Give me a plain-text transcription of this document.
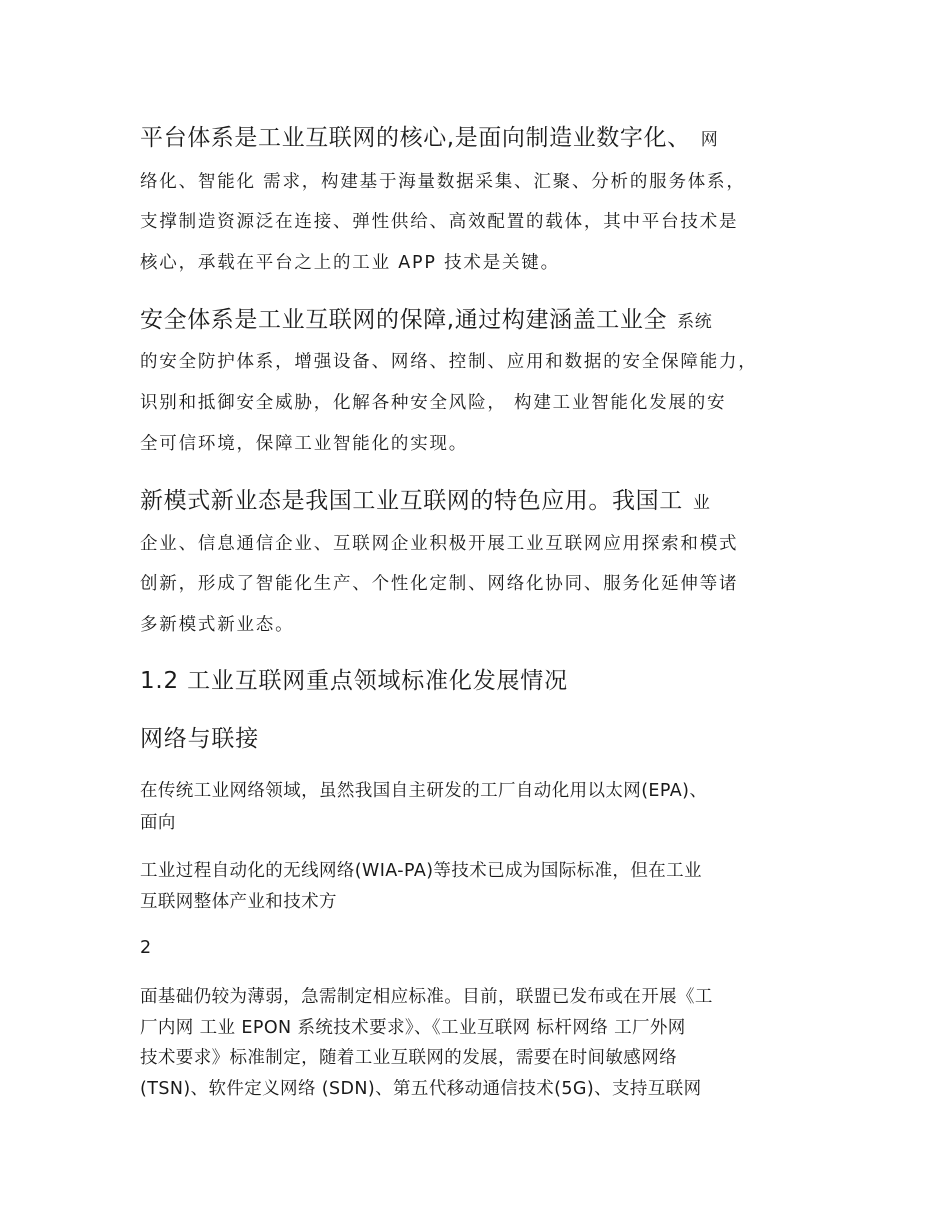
平台体系是工业互联网的核心,是面向制造业数字化、 网
络化、智能化 需求，构建基于海量数据采集、汇聚、分析的服务体系，
支撑制造资源泛在连接、弹性供给、高效配置的载体，其中平台技术是
核心，承载在平台之上的工业 APP 技术是关键。
安全体系是工业互联网的保障,通过构建涵盖工业全 系统
的安全防护体系，增强设备、网络、控制、应用和数据的安全保障能力，
识别和抵御安全威胁，化解各种安全风险， 构建工业智能化发展的安
全可信环境，保障工业智能化的实现。
新模式新业态是我国工业互联网的特色应用。我国工 业
企业、信息通信企业、互联网企业积极开展工业互联网应用探索和模式
创新，形成了智能化生产、个性化定制、网络化协同、服务化延伸等诸
多新模式新业态。
1.2 工业互联网重点领域标准化发展情况
网络与联接
在传统工业网络领域，虽然我国自主研发的工厂自动化用以太网(EPA)、
面向
工业过程自动化的无线网络(WIA-PA)等技术已成为国际标准，但在工业
互联网整体产业和技术方
2
面基础仍较为薄弱，急需制定相应标准。目前，联盟已发布或在开展《工
厂内网 工业 EPON 系统技术要求》、《工业互联网 标杆网络 工厂外网
技术要求》标准制定，随着工业互联网的发展，需要在时间敏感网络
(TSN)、软件定义网络 (SDN)、第五代移动通信技术(5G)、支持互联网
